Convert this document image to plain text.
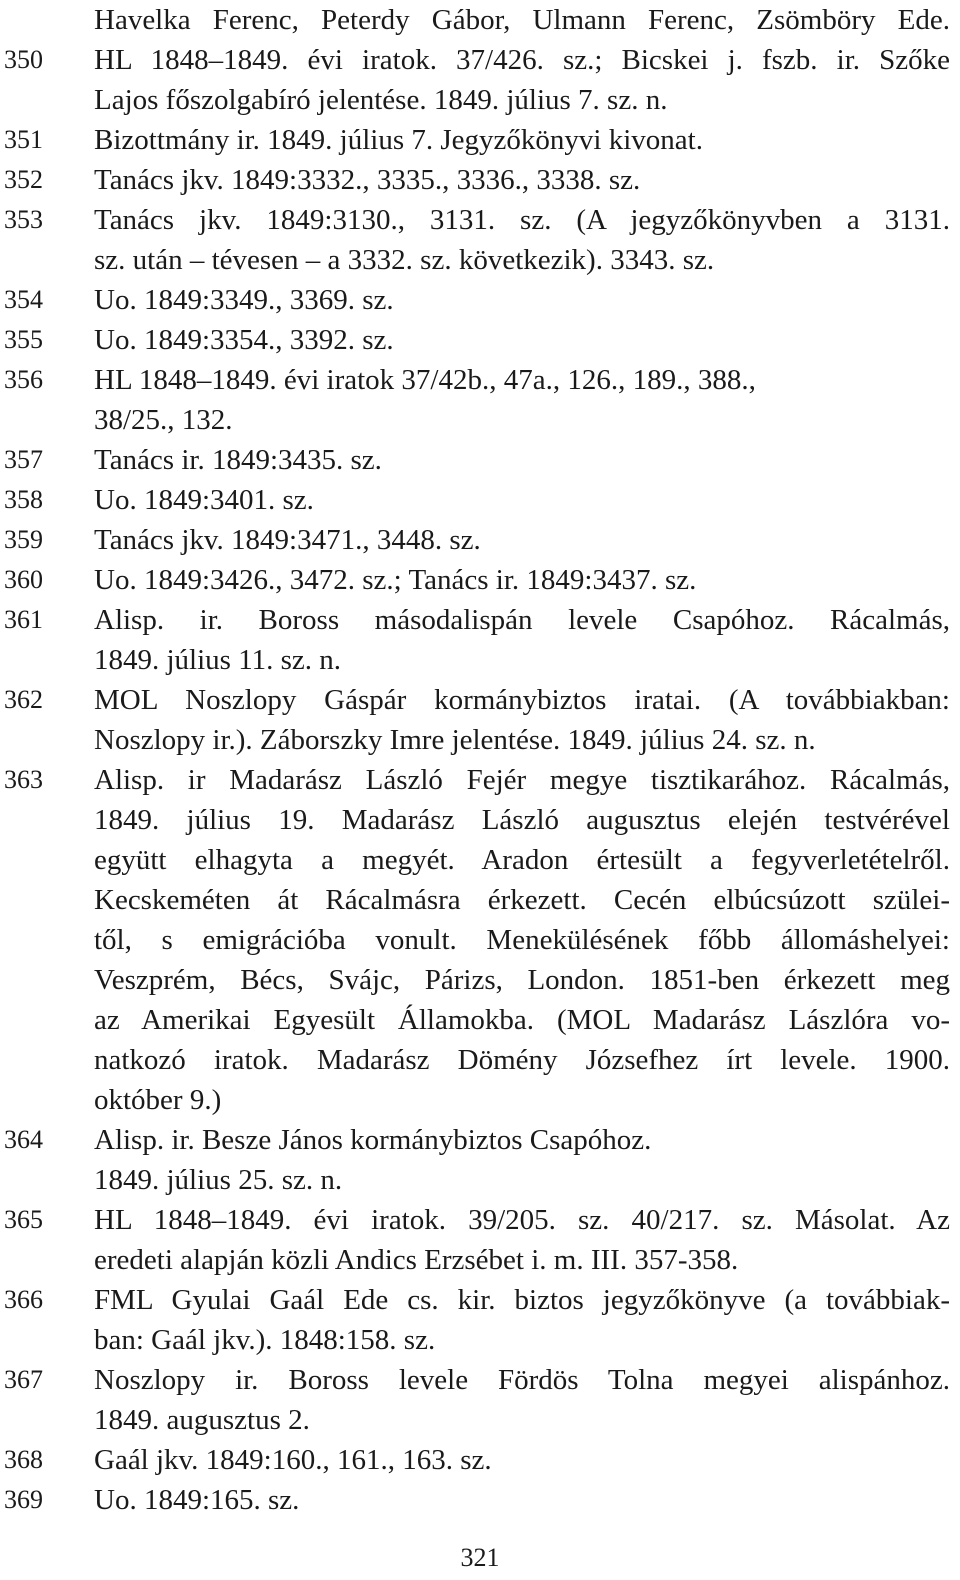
Havelka Ferenc, Peterdy Gábor, Ulmann Ferenc, Zsömböry Ede.
350	HL 1848–1849. évi iratok. 37/426. sz.; Bicskei j. fszb. ir. Szőke
Lajos főszolgabíró jelentése. 1849. július 7. sz. n.
351	Bizottmány ir. 1849. július 7. Jegyzőkönyvi kivonat.
352	Tanács jkv. 1849:3332., 3335., 3336., 3338. sz.
353	Tanács jkv. 1849:3130., 3131. sz. (A jegyzőkönyvben a 3131.
sz. után – tévesen – a 3332. sz. következik). 3343. sz.
354	Uo. 1849:3349., 3369. sz.
355	Uo. 1849:3354., 3392. sz.
356	HL 1848–1849. évi iratok 37/42b., 47a., 126., 189., 388.,
38/25., 132.
357	Tanács ir. 1849:3435. sz.
358	Uo. 1849:3401. sz.
359	Tanács jkv. 1849:3471., 3448. sz.
360	Uo. 1849:3426., 3472. sz.; Tanács ir. 1849:3437. sz.
361	Alisp. ir. Boross másodalispán levele Csapóhoz. Rácalmás,
1849. július 11. sz. n.
362	MOL Noszlopy Gáspár kormánybiztos iratai. (A továbbiakban:
Noszlopy ir.). Záborszky Imre jelentése. 1849. július 24. sz. n.
363	Alisp. ir Madarász László Fejér megye tisztikarához. Rácalmás,
1849. július 19. Madarász László augusztus elején testvérével
együtt elhagyta a megyét. Aradon értesült a fegyverletételről.
Kecskeméten át Rácalmásra érkezett. Cecén elbúcsúzott szülei-
től, s emigrációba vonult. Menekülésének főbb állomáshelyei:
Veszprém, Bécs, Svájc, Párizs, London. 1851-ben érkezett meg
az Amerikai Egyesült Államokba. (MOL Madarász Lászlóra vo-
natkozó iratok. Madarász Dömény Józsefhez írt levele. 1900.
október 9.)
364	Alisp. ir. Besze János kormánybiztos Csapóhoz.
1849. július 25. sz. n.
365	HL 1848–1849. évi iratok. 39/205. sz. 40/217. sz. Másolat. Az
eredeti alapján közli Andics Erzsébet i. m. III. 357-358.
366	FML Gyulai Gaál Ede cs. kir. biztos jegyzőkönyve (a továbbiak-
ban: Gaál jkv.). 1848:158. sz.
367	Noszlopy ir. Boross levele Fördös Tolna megyei alispánhoz.
1849. augusztus 2.
368	Gaál jkv. 1849:160., 161., 163. sz.
369	Uo. 1849:165. sz.
321
